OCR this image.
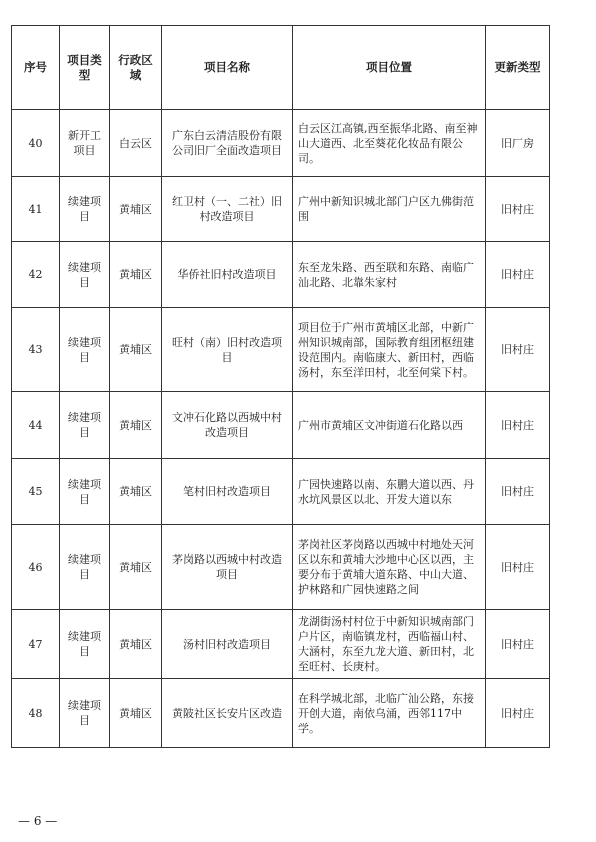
序号	项目类型	行政区域	项目名称	项目位置	更新类型
40	新开工项目	白云区	广东白云清洁股份有限公司旧厂全面改造项目	白云区江高镇,西至振华北路、南至神山大道西、北至葵花化妆品有限公司。	旧厂房
41	续建项目	黄埔区	红卫村（一、二社）旧村改造项目	广州中新知识城北部门户区九佛街范围	旧村庄
42	续建项目	黄埔区	华侨社旧村改造项目	东至龙朱路、西至联和东路、南临广汕北路、北靠朱家村	旧村庄
43	续建项目	黄埔区	旺村（南）旧村改造项目	项目位于广州市黄埔区北部，中新广州知识城南部，国际教育组团枢纽建设范围内。南临康大、新田村，西临汤村，东至洋田村，北至何棠下村。	旧村庄
44	续建项目	黄埔区	文冲石化路以西城中村改造项目	广州市黄埔区文冲街道石化路以西	旧村庄
45	续建项目	黄埔区	笔村旧村改造项目	广园快速路以南、东鹏大道以西、丹水坑风景区以北、开发大道以东	旧村庄
46	续建项目	黄埔区	茅岗路以西城中村改造项目	茅岗社区茅岗路以西城中村地处天河区以东和黄埔大沙地中心区以西，主要分布于黄埔大道东路、中山大道、护林路和广园快速路之间	旧村庄
47	续建项目	黄埔区	汤村旧村改造项目	龙湖街汤村村位于中新知识城南部门户片区，南临镇龙村，西临福山村、大涵村，东至九龙大道、新田村，北至旺村、长庚村。	旧村庄
48	续建项目	黄埔区	黄陂社区长安片区改造	在科学城北部，北临广汕公路，东接开创大道，南依乌涌，西邻117中学。	旧村庄
— 6 —
